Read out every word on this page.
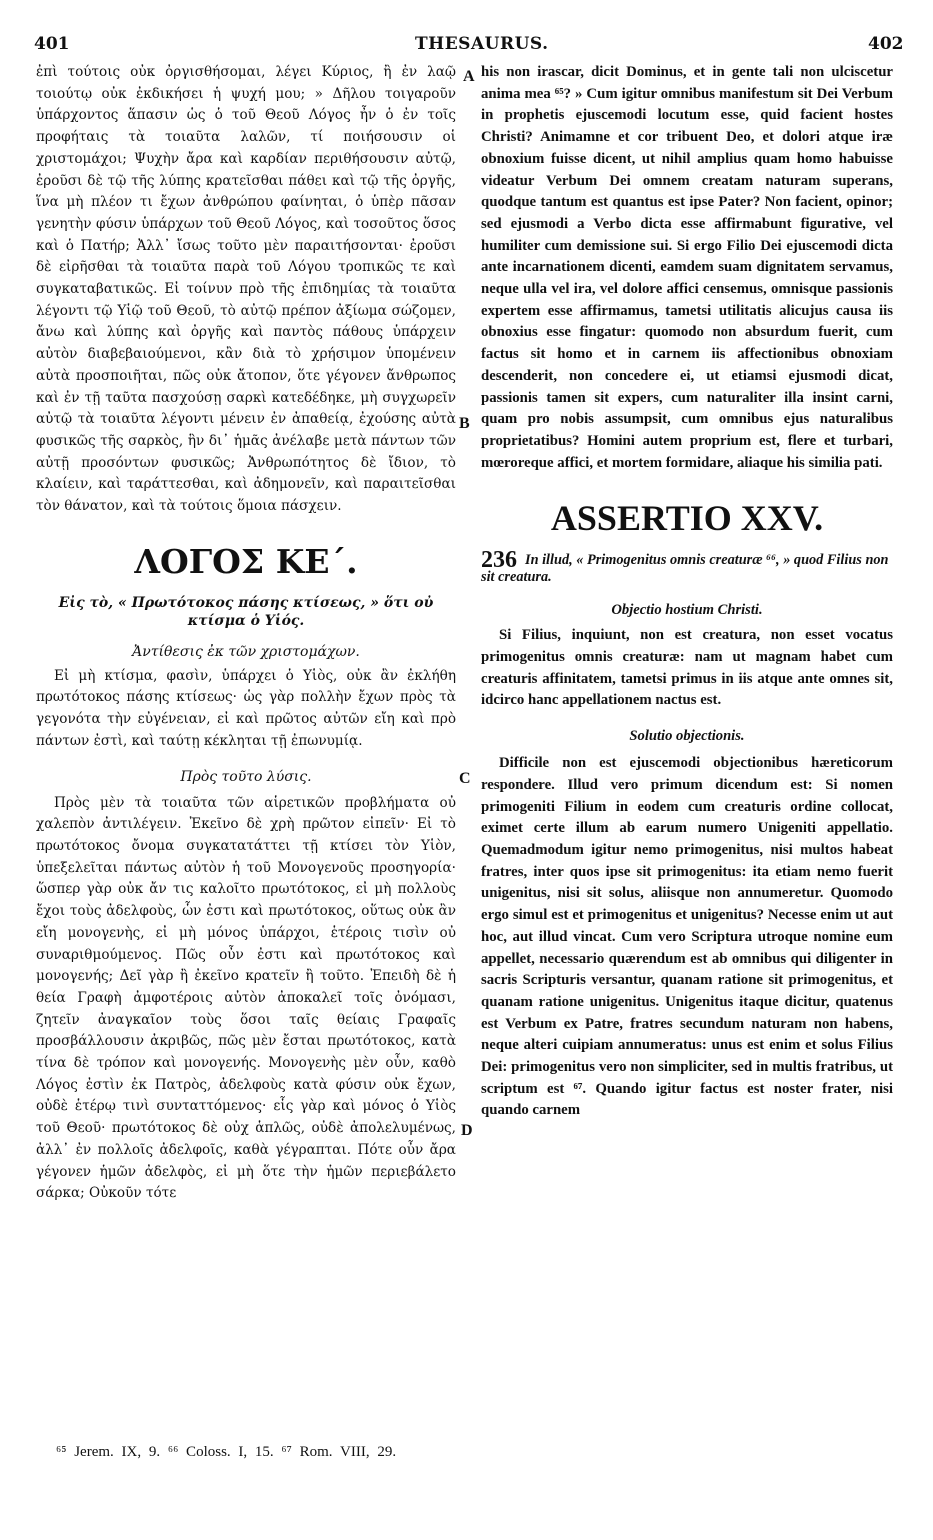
401	THESAURUS.	402

ἐπὶ τούτοις οὐκ ὀργισθήσομαι, λέγει Κύριος, ἢ ἐν λαῷ τοιούτῳ οὐκ ἐκδικήσει ἡ ψυχή μου; » Δῆλου τοιγαροῦν ὑπάρχοντος ἅπασιν ὡς ὁ τοῦ Θεοῦ Λόγος ἦν ὁ ἐν τοῖς προφήταις τὰ τοιαῦτα λαλῶν, τί ποιήσουσιν οἱ χριστομάχοι; Ψυχὴν ἄρα καὶ καρδίαν περιθήσουσιν αὐτῷ, ἐροῦσι δὲ τῷ τῆς λύπης κρατεῖσθαι πάθει καὶ τῷ τῆς ὀργῆς, ἵνα μὴ πλέον τι ἔχων ἀνθρώπου φαίνηται, ὁ ὑπὲρ πᾶσαν γενητὴν φύσιν ὑπάρχων τοῦ Θεοῦ Λόγος, καὶ τοσοῦτος ὅσος καὶ ὁ Πατήρ; Ἀλλ᾽ ἴσως τοῦτο μὲν παραιτήσονται· ἐροῦσι δὲ εἰρῆσθαι τὰ τοιαῦτα παρὰ τοῦ Λόγου τροπικῶς τε καὶ συγκαταβατικῶς. Εἰ τοίνυν πρὸ τῆς ἐπιδημίας τὰ τοιαῦτα λέγοντι τῷ Υἱῷ τοῦ Θεοῦ, τὸ αὐτῷ πρέπον ἀξίωμα σώζομεν, ἄνω καὶ λύπης καὶ ὀργῆς καὶ παντὸς πάθους ὑπάρχειν αὐτὸν διαβεβαιούμενοι, κἂν διὰ τὸ χρήσιμον ὑπομένειν αὐτὰ προσποιῆται, πῶς οὐκ ἄτοπον, ὅτε γέγονεν ἄνθρωπος καὶ ἐν τῇ ταῦτα πασχούσῃ σαρκὶ κατεδέδηκε, μὴ συγχωρεῖν αὐτῷ τὰ τοιαῦτα λέγοντι μένειν ἐν ἀπαθείᾳ, ἐχούσης αὐτὰ φυσικῶς τῆς σαρκὸς, ἣν δι᾽ ἡμᾶς ἀνέλαβε μετὰ πάντων τῶν αὐτῇ προσόντων φυσικῶς; Ἀνθρωπότητος δὲ ἴδιον, τὸ κλαίειν, καὶ ταράττεσθαι, καὶ ἀδημονεῖν, καὶ παραιτεῖσθαι τὸν θάνατον, καὶ τὰ τούτοις ὅμοια πάσχειν.

ΛΟΓΟΣ ΚΕ΄.
Εἰς τὸ, « Πρωτότοκος πάσης κτίσεως, » ὅτι οὐ κτίσμα ὁ Υἱός.
Ἀντίθεσις ἐκ τῶν χριστομάχων.

Εἰ μὴ κτίσμα, φασὶν, ὑπάρχει ὁ Υἱὸς, οὐκ ἂν ἐκλήθη πρωτότοκος πάσης κτίσεως· ὡς γὰρ πολλὴν ἔχων πρὸς τὰ γεγονότα τὴν εὐγένειαν, εἰ καὶ πρῶτος αὐτῶν εἴη καὶ πρὸ πάντων ἐστὶ, καὶ ταύτῃ κέκληται τῇ ἐπωνυμίᾳ.

Πρὸς τοῦτο λύσις.

Πρὸς μὲν τὰ τοιαῦτα τῶν αἱρετικῶν προβλήματα οὐ χαλεπὸν ἀντιλέγειν. Ἐκεῖνο δὲ χρὴ πρῶτον εἰπεῖν· Εἰ τὸ πρωτότοκος ὄνομα συγκατατάττει τῇ κτίσει τὸν Υἱὸν, ὑπεξελεῖται πάντως αὐτὸν ἡ τοῦ Μονογενοῦς προσηγορία· ὥσπερ γὰρ οὐκ ἄν τις καλοῖτο πρωτότοκος, εἰ μὴ πολλοὺς ἔχοι τοὺς ἀδελφοὺς, ὧν ἐστι καὶ πρωτότοκος, οὕτως οὐκ ἂν εἴη μονογενὴς, εἰ μὴ μόνος ὑπάρχοι, ἑτέροις τισὶν οὐ συναριθμούμενος. Πῶς οὖν ἐστι καὶ πρωτότοκος καὶ μονογενής; Δεῖ γὰρ ἢ ἐκεῖνο κρατεῖν ἢ τοῦτο. Ἐπειδὴ δὲ ἡ θεία Γραφὴ ἀμφοτέροις αὐτὸν ἀποκαλεῖ τοῖς ὀνόμασι, ζητεῖν ἀναγκαῖον τοὺς ὅσοι ταῖς θείαις Γραφαῖς προσβάλλουσιν ἀκριβῶς, πῶς μὲν ἔσται πρωτότοκος, κατὰ τίνα δὲ τρόπον καὶ μονογενής. Μονογενὴς μὲν οὖν, καθὸ Λόγος ἐστὶν ἐκ Πατρὸς, ἀδελφοὺς κατὰ φύσιν οὐκ ἔχων, οὐδὲ ἑτέρῳ τινὶ συνταττόμενος· εἷς γὰρ καὶ μόνος ὁ Υἱὸς τοῦ Θεοῦ· πρωτότοκος δὲ οὐχ ἁπλῶς, οὐδὲ ἀπολελυμένως, ἀλλ᾽ ἐν πολλοῖς ἀδελφοῖς, καθὰ γέγραπται. Πότε οὖν ἄρα γέγονεν ἡμῶν ἀδελφὸς, εἰ μὴ ὅτε τὴν ἡμῶν περιεβάλετο σάρκα; Οὐκοῦν τότε

A
B
C
D

his non irascar, dicit Dominus, et in gente tali non ulciscetur anima mea ⁶⁵? » Cum igitur omnibus manifestum sit Dei Verbum in prophetis ejuscemodi locutum esse, quid facient hostes Christi? Animamne et cor tribuent Deo, et dolori atque iræ obnoxium fuisse dicent, ut nihil amplius quam homo habuisse videatur Verbum Dei omnem creatam naturam superans, quodque tantum est quantus est ipse Pater? Non facient, opinor; sed ejusmodi a Verbo dicta esse affirmabunt figurative, vel humiliter cum demissione sui. Si ergo Filio Dei ejuscemodi dicta ante incarnationem dicenti, eamdem suam dignitatem servamus, neque ulla vel ira, vel dolore affici censemus, omnisque passionis expertem esse affirmamus, tametsi utilitatis alicujus causa iis obnoxius esse fingatur: quomodo non absurdum fuerit, cum factus sit homo et in carnem iis affectionibus obnoxiam descenderit, non concedere ei, ut etiamsi ejusmodi dicat, passionis tamen sit expers, cum naturaliter illa insint carni, quam pro nobis assumpsit, cum omnibus ejus naturalibus proprietatibus? Homini autem proprium est, flere et turbari, mœroreque affici, et mortem formidare, aliaque his similia pati.

ASSERTIO XXV.
236 In illud, « Primogenitus omnis creaturæ ⁶⁶, » quod Filius non sit creatura.
Objectio hostium Christi.

Si Filius, inquiunt, non est creatura, non esset vocatus primogenitus omnis creaturæ: nam ut magnam habet cum creaturis affinitatem, tametsi primus in iis atque ante omnes sit, idcirco hanc appellationem nactus est.

Solutio objectionis.

Difficile non est ejuscemodi objectionibus hæreticorum respondere. Illud vero primum dicendum est: Si nomen primogeniti Filium in eodem cum creaturis ordine collocat, eximet certe illum ab earum numero Unigeniti appellatio. Quemadmodum igitur nemo primogenitus, nisi multos habeat fratres, inter quos ipse sit primogenitus: ita etiam nemo fuerit unigenitus, nisi sit solus, aliisque non annumeretur. Quomodo ergo simul est et primogenitus et unigenitus? Necesse enim ut aut hoc, aut illud vincat. Cum vero Scriptura utroque nomine eum appellet, necessario quærendum est ab omnibus qui diligenter in sacris Scripturis versantur, quanam ratione sit primogenitus, et quanam ratione unigenitus. Unigenitus itaque dicitur, quatenus est Verbum ex Patre, fratres secundum naturam non habens, neque alteri cuipiam annumeratus: unus est enim et solus Filius Dei: primogenitus vero non simpliciter, sed in multis fratribus, ut scriptum est ⁶⁷. Quando igitur factus est noster frater, nisi quando carnem

⁶⁵ Jerem. IX, 9. ⁶⁶ Coloss. I, 15. ⁶⁷ Rom. VIII, 29.
